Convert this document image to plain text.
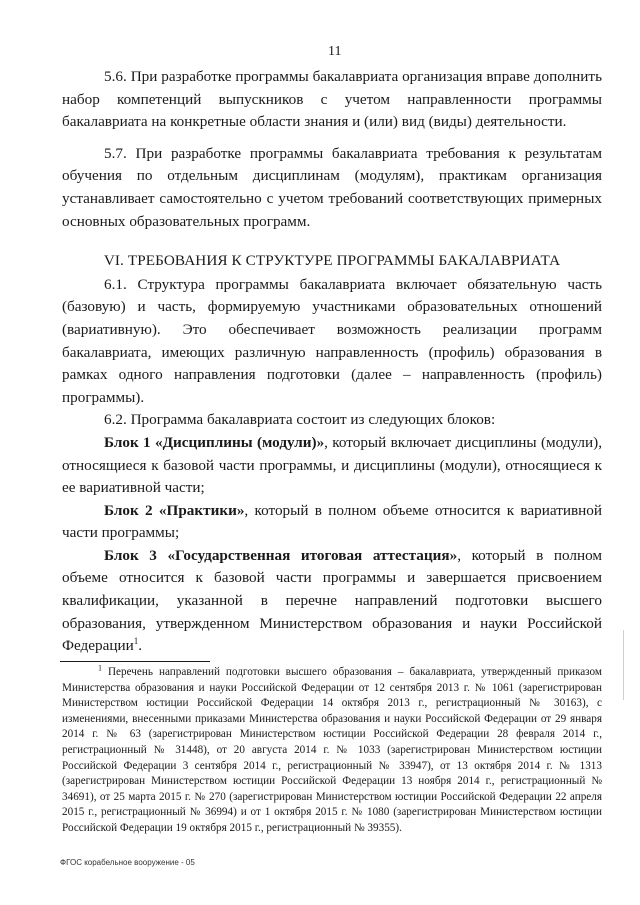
11

5.6. При разработке программы бакалавриата организация вправе дополнить набор компетенций выпускников с учетом направленности программы бакалавриата на конкретные области знания и (или) вид (виды) деятельности.

5.7. При разработке программы бакалавриата требования к результатам обучения по отдельным дисциплинам (модулям), практикам организация устанавливает самостоятельно с учетом требований соответствующих примерных основных образовательных программ.

VI. ТРЕБОВАНИЯ К СТРУКТУРЕ ПРОГРАММЫ БАКАЛАВРИАТА

6.1. Структура программы бакалавриата включает обязательную часть (базовую) и часть, формируемую участниками образовательных отношений (вариативную). Это обеспечивает возможность реализации программ бакалавриата, имеющих различную направленность (профиль) образования в рамках одного направления подготовки (далее – направленность (профиль) программы).

6.2. Программа бакалавриата состоит из следующих блоков:

Блок 1 «Дисциплины (модули)», который включает дисциплины (модули), относящиеся к базовой части программы, и дисциплины (модули), относящиеся к ее вариативной части;

Блок 2 «Практики», который в полном объеме относится к вариативной части программы;

Блок 3 «Государственная итоговая аттестация», который в полном объеме относится к базовой части программы и завершается присвоением квалификации, указанной в перечне направлений подготовки высшего образования, утвержденном Министерством образования и науки Российской Федерации$^1$.

$^1$ Перечень направлений подготовки высшего образования – бакалавриата, утвержденный приказом Министерства образования и науки Российской Федерации от 12 сентября 2013 г. № 1061 (зарегистрирован Министерством юстиции Российской Федерации 14 октября 2013 г., регистрационный № 30163), с изменениями, внесенными приказами Министерства образования и науки Российской Федерации от 29 января 2014 г. № 63 (зарегистрирован Министерством юстиции Российской Федерации 28 февраля 2014 г., регистрационный № 31448), от 20 августа 2014 г. № 1033 (зарегистрирован Министерством юстиции Российской Федерации 3 сентября 2014 г., регистрационный № 33947), от 13 октября 2014 г. № 1313 (зарегистрирован Министерством юстиции Российской Федерации 13 ноября 2014 г., регистрационный № 34691), от 25 марта 2015 г. № 270 (зарегистрирован Министерством юстиции Российской Федерации 22 апреля 2015 г., регистрационный № 36994) и от 1 октября 2015 г. № 1080 (зарегистрирован Министерством юстиции Российской Федерации 19 октября 2015 г., регистрационный № 39355).

ФГОС корабельное вооружение - 05
